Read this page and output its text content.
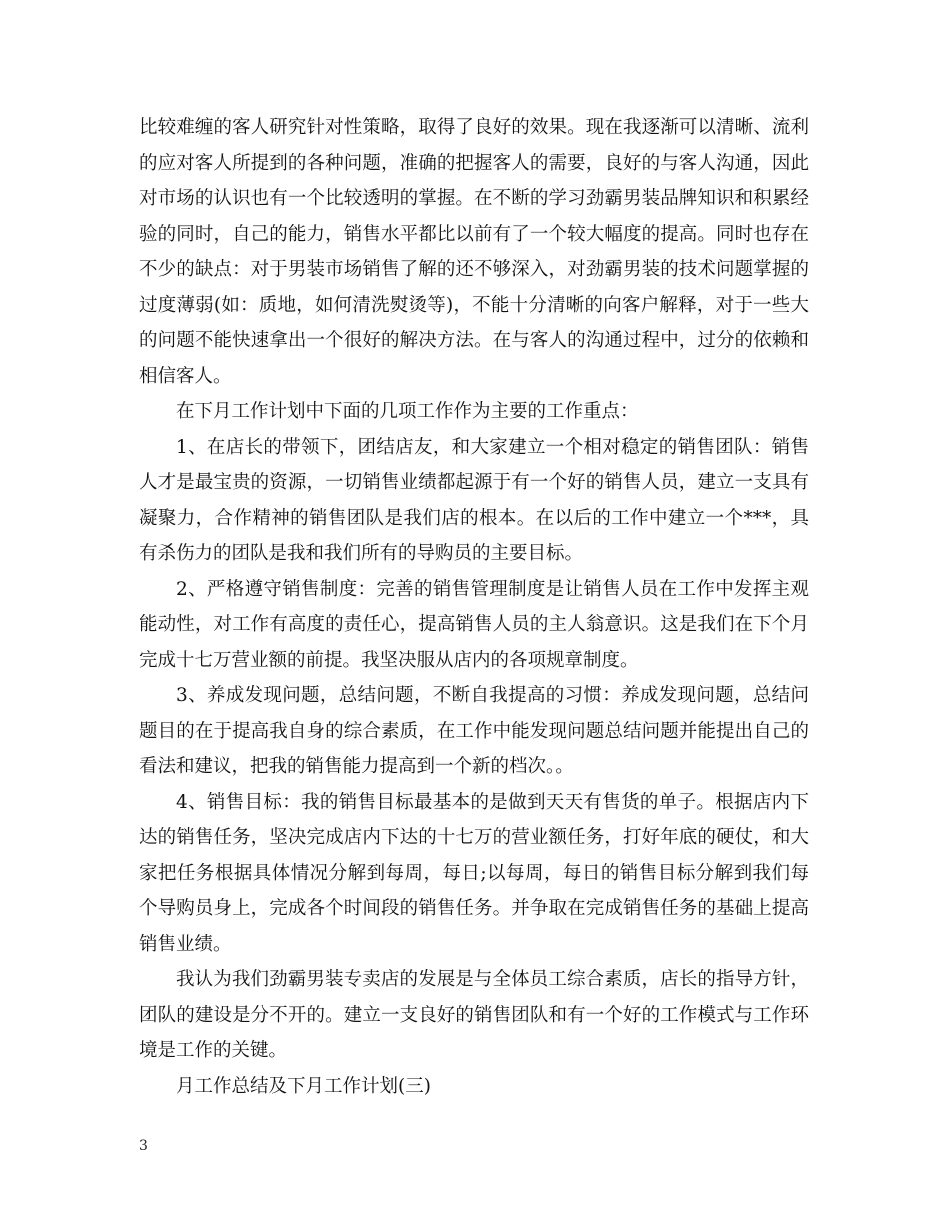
比较难缠的客人研究针对性策略，取得了良好的效果。现在我逐渐可以清晰、流利的应对客人所提到的各种问题，准确的把握客人的需要，良好的与客人沟通，因此对市场的认识也有一个比较透明的掌握。在不断的学习劲霸男装品牌知识和积累经验的同时，自己的能力，销售水平都比以前有了一个较大幅度的提高。同时也存在不少的缺点：对于男装市场销售了解的还不够深入，对劲霸男装的技术问题掌握的过度薄弱(如：质地，如何清洗熨烫等)，不能十分清晰的向客户解释，对于一些大的问题不能快速拿出一个很好的解决方法。在与客人的沟通过程中，过分的依赖和相信客人。

在下月工作计划中下面的几项工作作为主要的工作重点：

1、在店长的带领下，团结店友，和大家建立一个相对稳定的销售团队：销售人才是最宝贵的资源，一切销售业绩都起源于有一个好的销售人员，建立一支具有凝聚力，合作精神的销售团队是我们店的根本。在以后的工作中建立一个***，具有杀伤力的团队是我和我们所有的导购员的主要目标。

2、严格遵守销售制度：完善的销售管理制度是让销售人员在工作中发挥主观能动性，对工作有高度的责任心，提高销售人员的主人翁意识。这是我们在下个月完成十七万营业额的前提。我坚决服从店内的各项规章制度。

3、养成发现问题，总结问题，不断自我提高的习惯：养成发现问题，总结问题目的在于提高我自身的综合素质，在工作中能发现问题总结问题并能提出自己的看法和建议，把我的销售能力提高到一个新的档次。。

4、销售目标：我的销售目标最基本的是做到天天有售货的单子。根据店内下达的销售任务，坚决完成店内下达的十七万的营业额任务，打好年底的硬仗，和大家把任务根据具体情况分解到每周，每日;以每周，每日的销售目标分解到我们每个导购员身上，完成各个时间段的销售任务。并争取在完成销售任务的基础上提高销售业绩。

我认为我们劲霸男装专卖店的发展是与全体员工综合素质，店长的指导方针，团队的建设是分不开的。建立一支良好的销售团队和有一个好的工作模式与工作环境是工作的关键。

月工作总结及下月工作计划(三)

3
